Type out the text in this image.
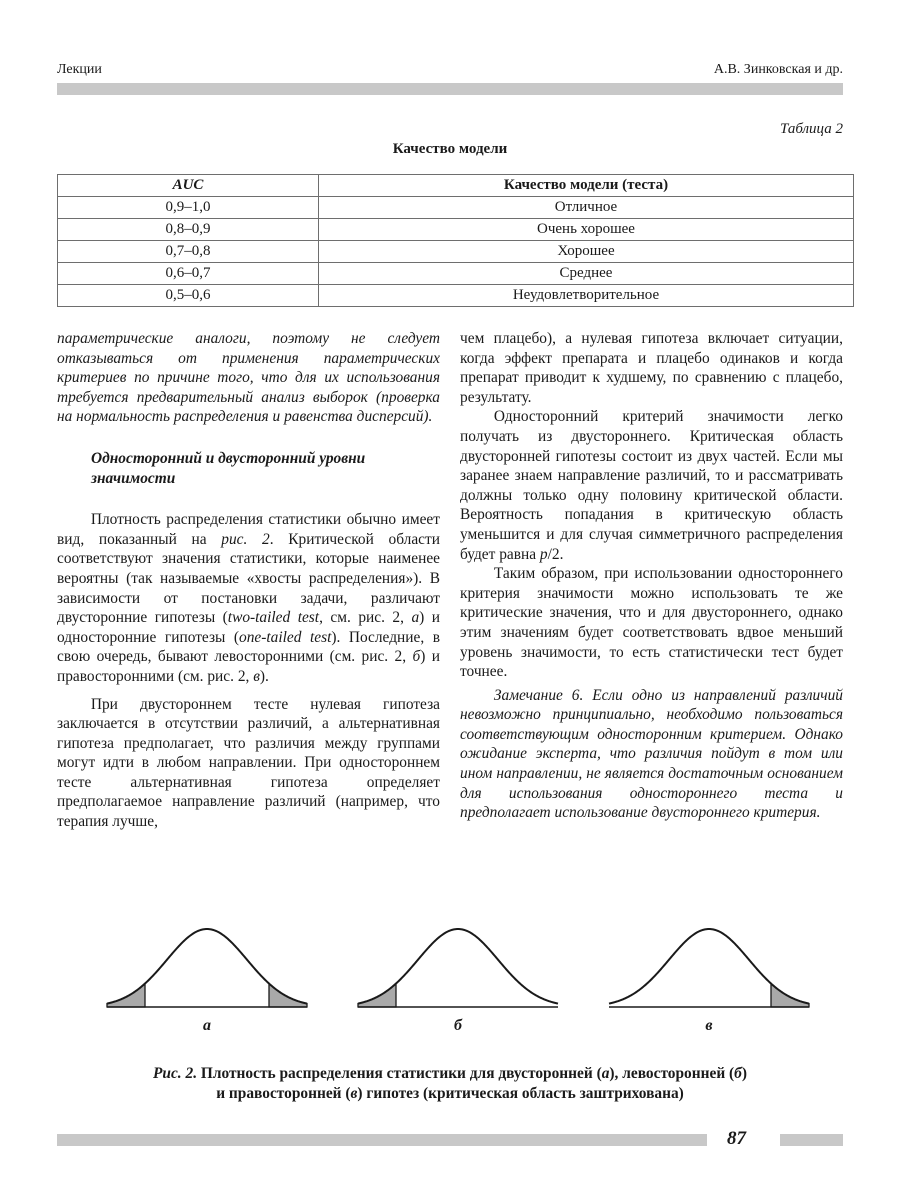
Лекции	А.В. Зинковская и др.
Таблица 2
Качество модели
AUC	Качество модели (теста)
0,9–1,0	Отличное
0,8–0,9	Очень хорошее
0,7–0,8	Хорошее
0,6–0,7	Среднее
0,5–0,6	Неудовлетворительное

параметрические аналоги, поэтому не следует отказываться от применения параметрических критериев по причине того, что для их использования требуется предварительный анализ выборок (проверка на нормальность распределения и равенства дисперсий).

Односторонний и двусторонний уровни значимости

Плотность распределения статистики обычно имеет вид, показанный на рис. 2. Критической области соответствуют значения статистики, которые наименее вероятны (так называемые «хвосты распределения»). В зависимости от постановки задачи, различают двусторонние гипотезы (two-tailed test, см. рис. 2, а) и односторонние гипотезы (one-tailed test). Последние, в свою очередь, бывают левосторонними (см. рис. 2, б) и правосторонними (см. рис. 2, в).

При двустороннем тесте нулевая гипотеза заключается в отсутствии различий, а альтернативная гипотеза предполагает, что различия между группами могут идти в любом направлении. При одностороннем тесте альтернативная гипотеза определяет предполагаемое направление различий (например, что терапия лучше,

чем плацебо), а нулевая гипотеза включает ситуации, когда эффект препарата и плацебо одинаков и когда препарат приводит к худшему, по сравнению с плацебо, результату.

Односторонний критерий значимости легко получать из двустороннего. Критическая область двусторонней гипотезы состоит из двух частей. Если мы заранее знаем направление различий, то и рассматривать должны только одну половину критической области. Вероятность попадания в критическую область уменьшится и для случая симметричного распределения будет равна p/2.

Таким образом, при использовании одностороннего критерия значимости можно использовать те же критические значения, что и для двустороннего, однако этим значениям будет соответствовать вдвое меньший уровень значимости, то есть статистически тест будет точнее.

Замечание 6. Если одно из направлений различий невозможно принципиально, необходимо пользоваться соответствующим односторонним критерием. Однако ожидание эксперта, что различия пойдут в том или ином направлении, не является достаточным основанием для использования одностороннего теста и предполагает использование двустороннего критерия.

а	б	в
Рис. 2. Плотность распределения статистики для двусторонней (а), левосторонней (б)
и правосторонней (в) гипотез (критическая область заштрихована)
87
